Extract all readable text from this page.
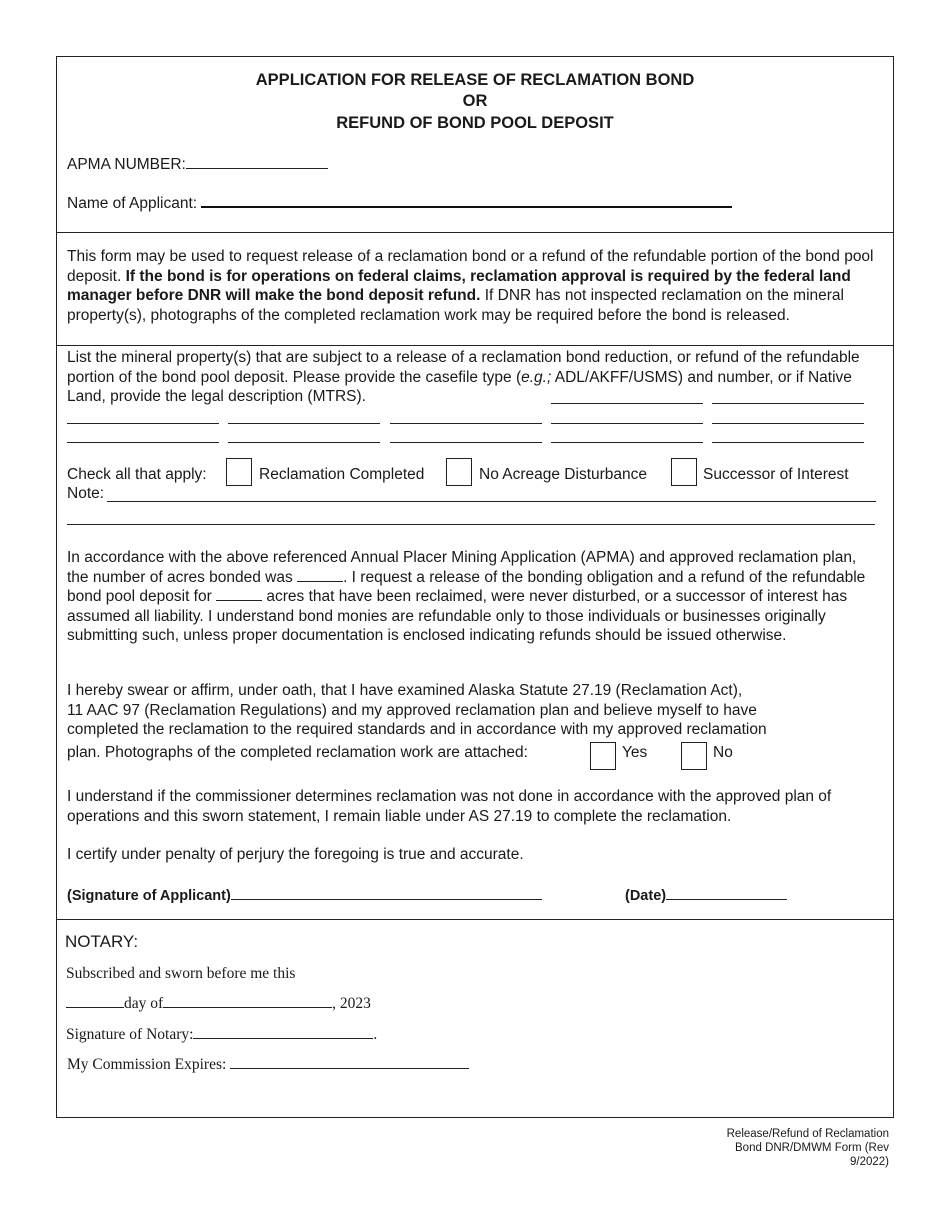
APPLICATION FOR RELEASE OF RECLAMATION BOND
OR
REFUND OF BOND POOL DEPOSIT
APMA NUMBER:
Name of Applicant:
This form may be used to request release of a reclamation bond or a refund of the refundable portion of the bond pool deposit. If the bond is for operations on federal claims, reclamation approval is required by the federal land manager before DNR will make the bond deposit refund. If DNR has not inspected reclamation on the mineral property(s), photographs of the completed reclamation work may be required before the bond is released.
List the mineral property(s) that are subject to a release of a reclamation bond reduction, or refund of the refundable portion of the bond pool deposit. Please provide the casefile type (e.g.; ADL/AKFF/USMS) and number, or if Native Land, provide the legal description (MTRS).
Check all that apply:	Reclamation Completed	No Acreage Disturbance	Successor of Interest
Note:
In accordance with the above referenced Annual Placer Mining Application (APMA) and approved reclamation plan, the number of acres bonded was	. I request a release of the bonding obligation and a refund of the refundable bond pool deposit for	acres that have been reclaimed, were never disturbed, or a successor of interest has assumed all liability. I understand bond monies are refundable only to those individuals or businesses originally submitting such, unless proper documentation is enclosed indicating refunds should be issued otherwise.
I hereby swear or affirm, under oath, that I have examined Alaska Statute 27.19 (Reclamation Act),
11 AAC 97 (Reclamation Regulations) and my approved reclamation plan and believe myself to have
completed the reclamation to the required standards and in accordance with my approved reclamation
plan. Photographs of the completed reclamation work are attached:	Yes	No
I understand if the commissioner determines reclamation was not done in accordance with the approved plan of operations and this sworn statement, I remain liable under AS 27.19 to complete the reclamation.
I certify under penalty of perjury the foregoing is true and accurate.
(Signature of Applicant)	(Date)
NOTARY:
Subscribed and sworn before me this
day of	, 2023
Signature of Notary:	.
My Commission Expires:
Release/Refund of Reclamation
Bond DNR/DMWM Form (Rev
9/2022)
